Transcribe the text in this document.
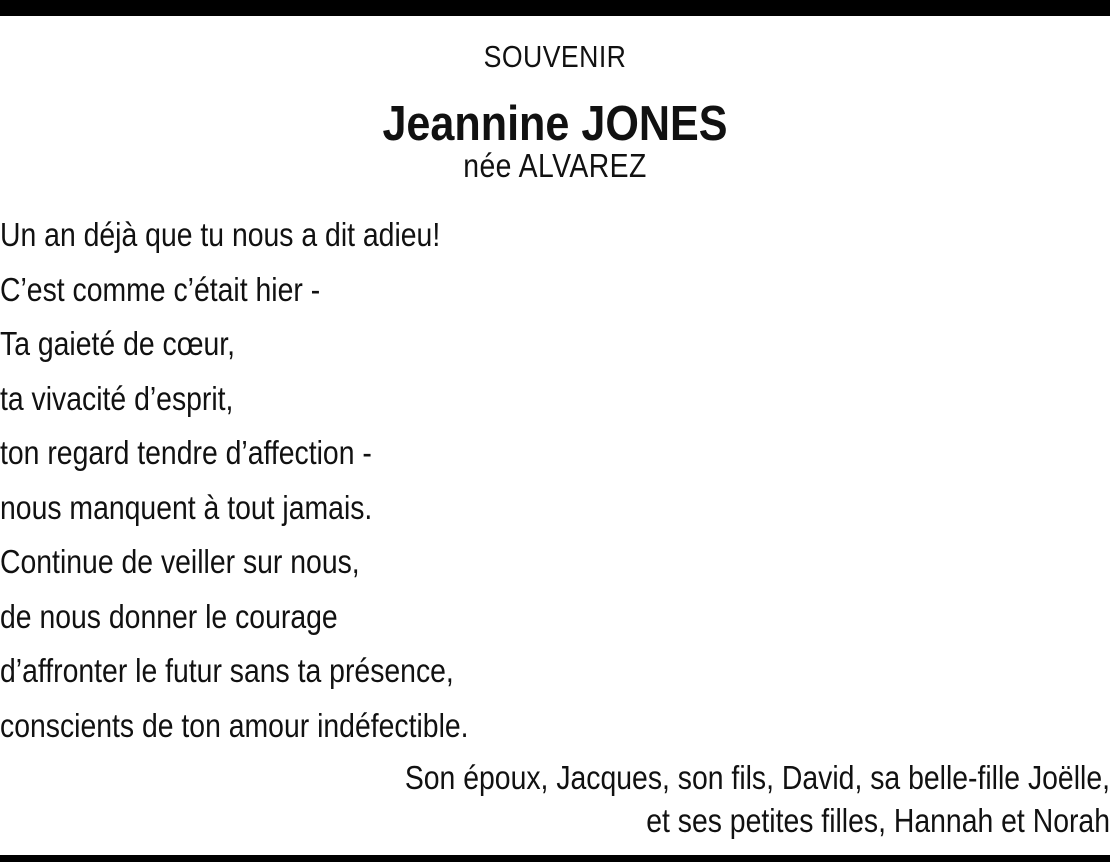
SOUVENIR
Jeannine JONES
née ALVAREZ
Un an déjà que tu nous a dit adieu!
C’est comme c’était hier -
Ta gaieté de cœur,
ta vivacité d’esprit,
ton regard tendre d’affection -
nous manquent à tout jamais.
Continue de veiller sur nous,
de nous donner le courage
d’affronter le futur sans ta présence,
conscients de ton amour indéfectible.
Son époux, Jacques, son fils, David, sa belle-fille Joëlle,
et ses petites filles, Hannah et Norah
